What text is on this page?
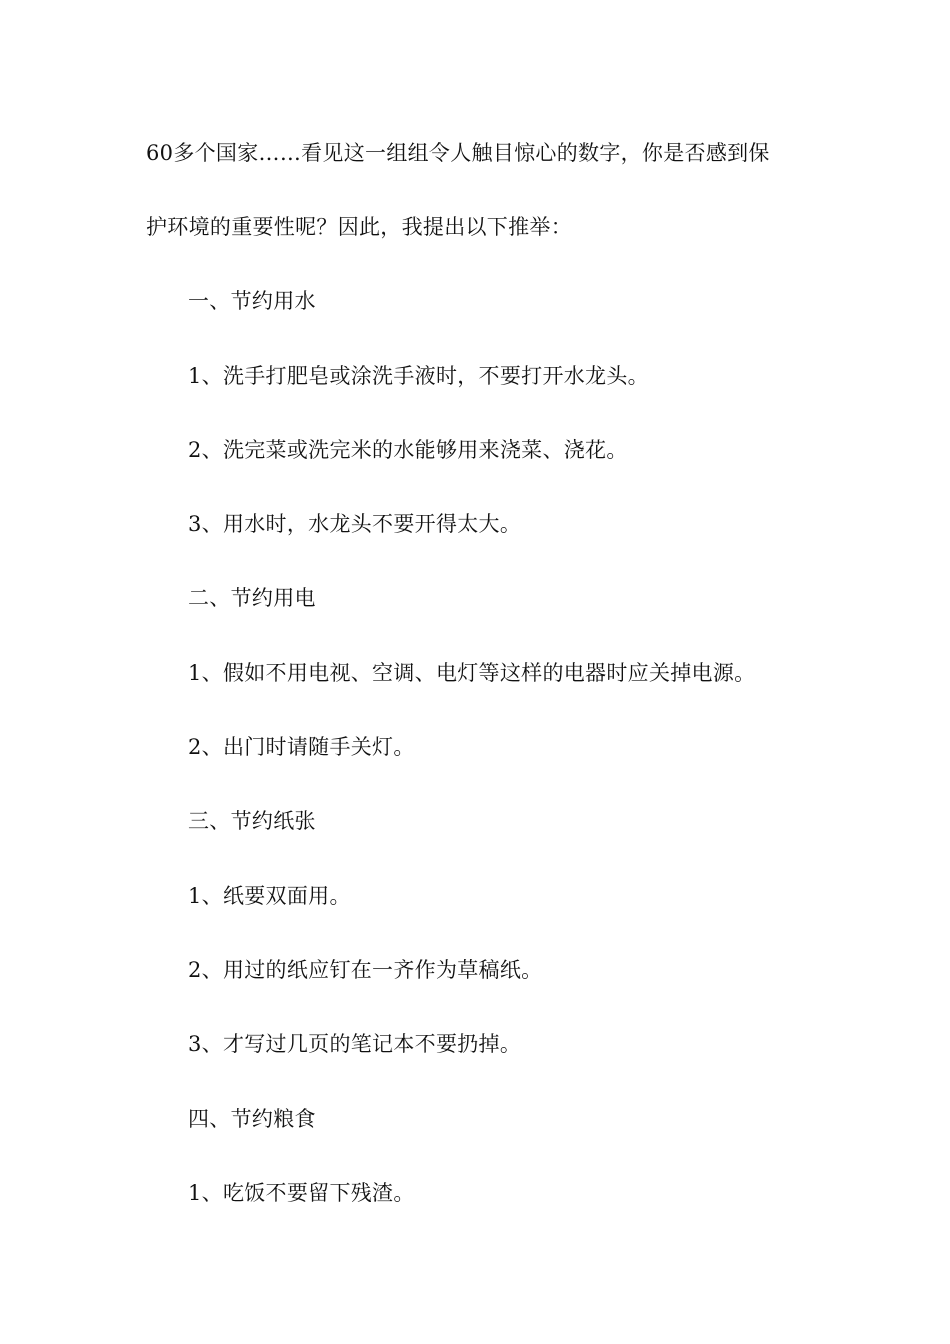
60多个国家……看见这一组组令人触目惊心的数字，你是否感到保
护环境的重要性呢？因此，我提出以下推举：
一、节约用水
1、洗手打肥皂或涂洗手液时，不要打开水龙头。
2、洗完菜或洗完米的水能够用来浇菜、浇花。
3、用水时，水龙头不要开得太大。
二、节约用电
1、假如不用电视、空调、电灯等这样的电器时应关掉电源。
2、出门时请随手关灯。
三、节约纸张
1、纸要双面用。
2、用过的纸应钉在一齐作为草稿纸。
3、才写过几页的笔记本不要扔掉。
四、节约粮食
1、吃饭不要留下残渣。
